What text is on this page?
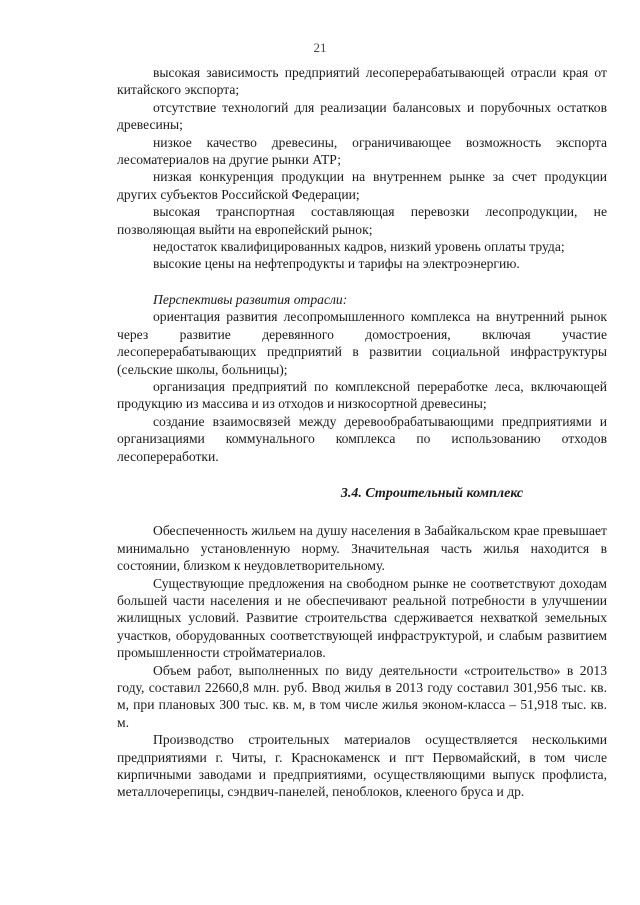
21

высокая зависимость предприятий лесоперерабатывающей отрасли края от китайского экспорта;

отсутствие технологий для реализации балансовых и порубочных остатков древесины;

низкое качество древесины, ограничивающее возможность экспорта лесоматериалов на другие рынки АТР;

низкая конкуренция продукции на внутреннем рынке за счет продукции других субъектов Российской Федерации;

высокая транспортная составляющая перевозки лесопродукции, не позволяющая выйти на европейский рынок;

недостаток квалифицированных кадров, низкий уровень оплаты труда;

высокие цены на нефтепродукты и тарифы на электроэнергию.

Перспективы развития отрасли:

ориентация развития лесопромышленного комплекса на внутренний рынок через развитие деревянного домостроения, включая участие лесоперерабатывающих предприятий в развитии социальной инфраструктуры (сельские школы, больницы);

организация предприятий по комплексной переработке леса, включающей продукцию из массива и из отходов и низкосортной древесины;

создание взаимосвязей между деревообрабатывающими предприятиями и организациями коммунального комплекса по использованию отходов лесопереработки.

3.4. Строительный комплекс

Обеспеченность жильем на душу населения в Забайкальском крае превышает минимально установленную норму. Значительная часть жилья находится в состоянии, близком к неудовлетворительному.

Существующие предложения на свободном рынке не соответствуют доходам большей части населения и не обеспечивают реальной потребности в улучшении жилищных условий. Развитие строительства сдерживается нехваткой земельных участков, оборудованных соответствующей инфраструктурой, и слабым развитием промышленности стройматериалов.

Объем работ, выполненных по виду деятельности «строительство» в 2013 году, составил 22660,8 млн. руб. Ввод жилья в 2013 году составил 301,956 тыс. кв. м, при плановых 300 тыс. кв. м, в том числе жилья эконом-класса – 51,918 тыс. кв. м.

Производство строительных материалов осуществляется несколькими предприятиями г. Читы, г. Краснокаменск и пгт Первомайский, в том числе кирпичными заводами и предприятиями, осуществляющими выпуск профлиста, металлочерепицы, сэндвич-панелей, пеноблоков, клееного бруса и др.
